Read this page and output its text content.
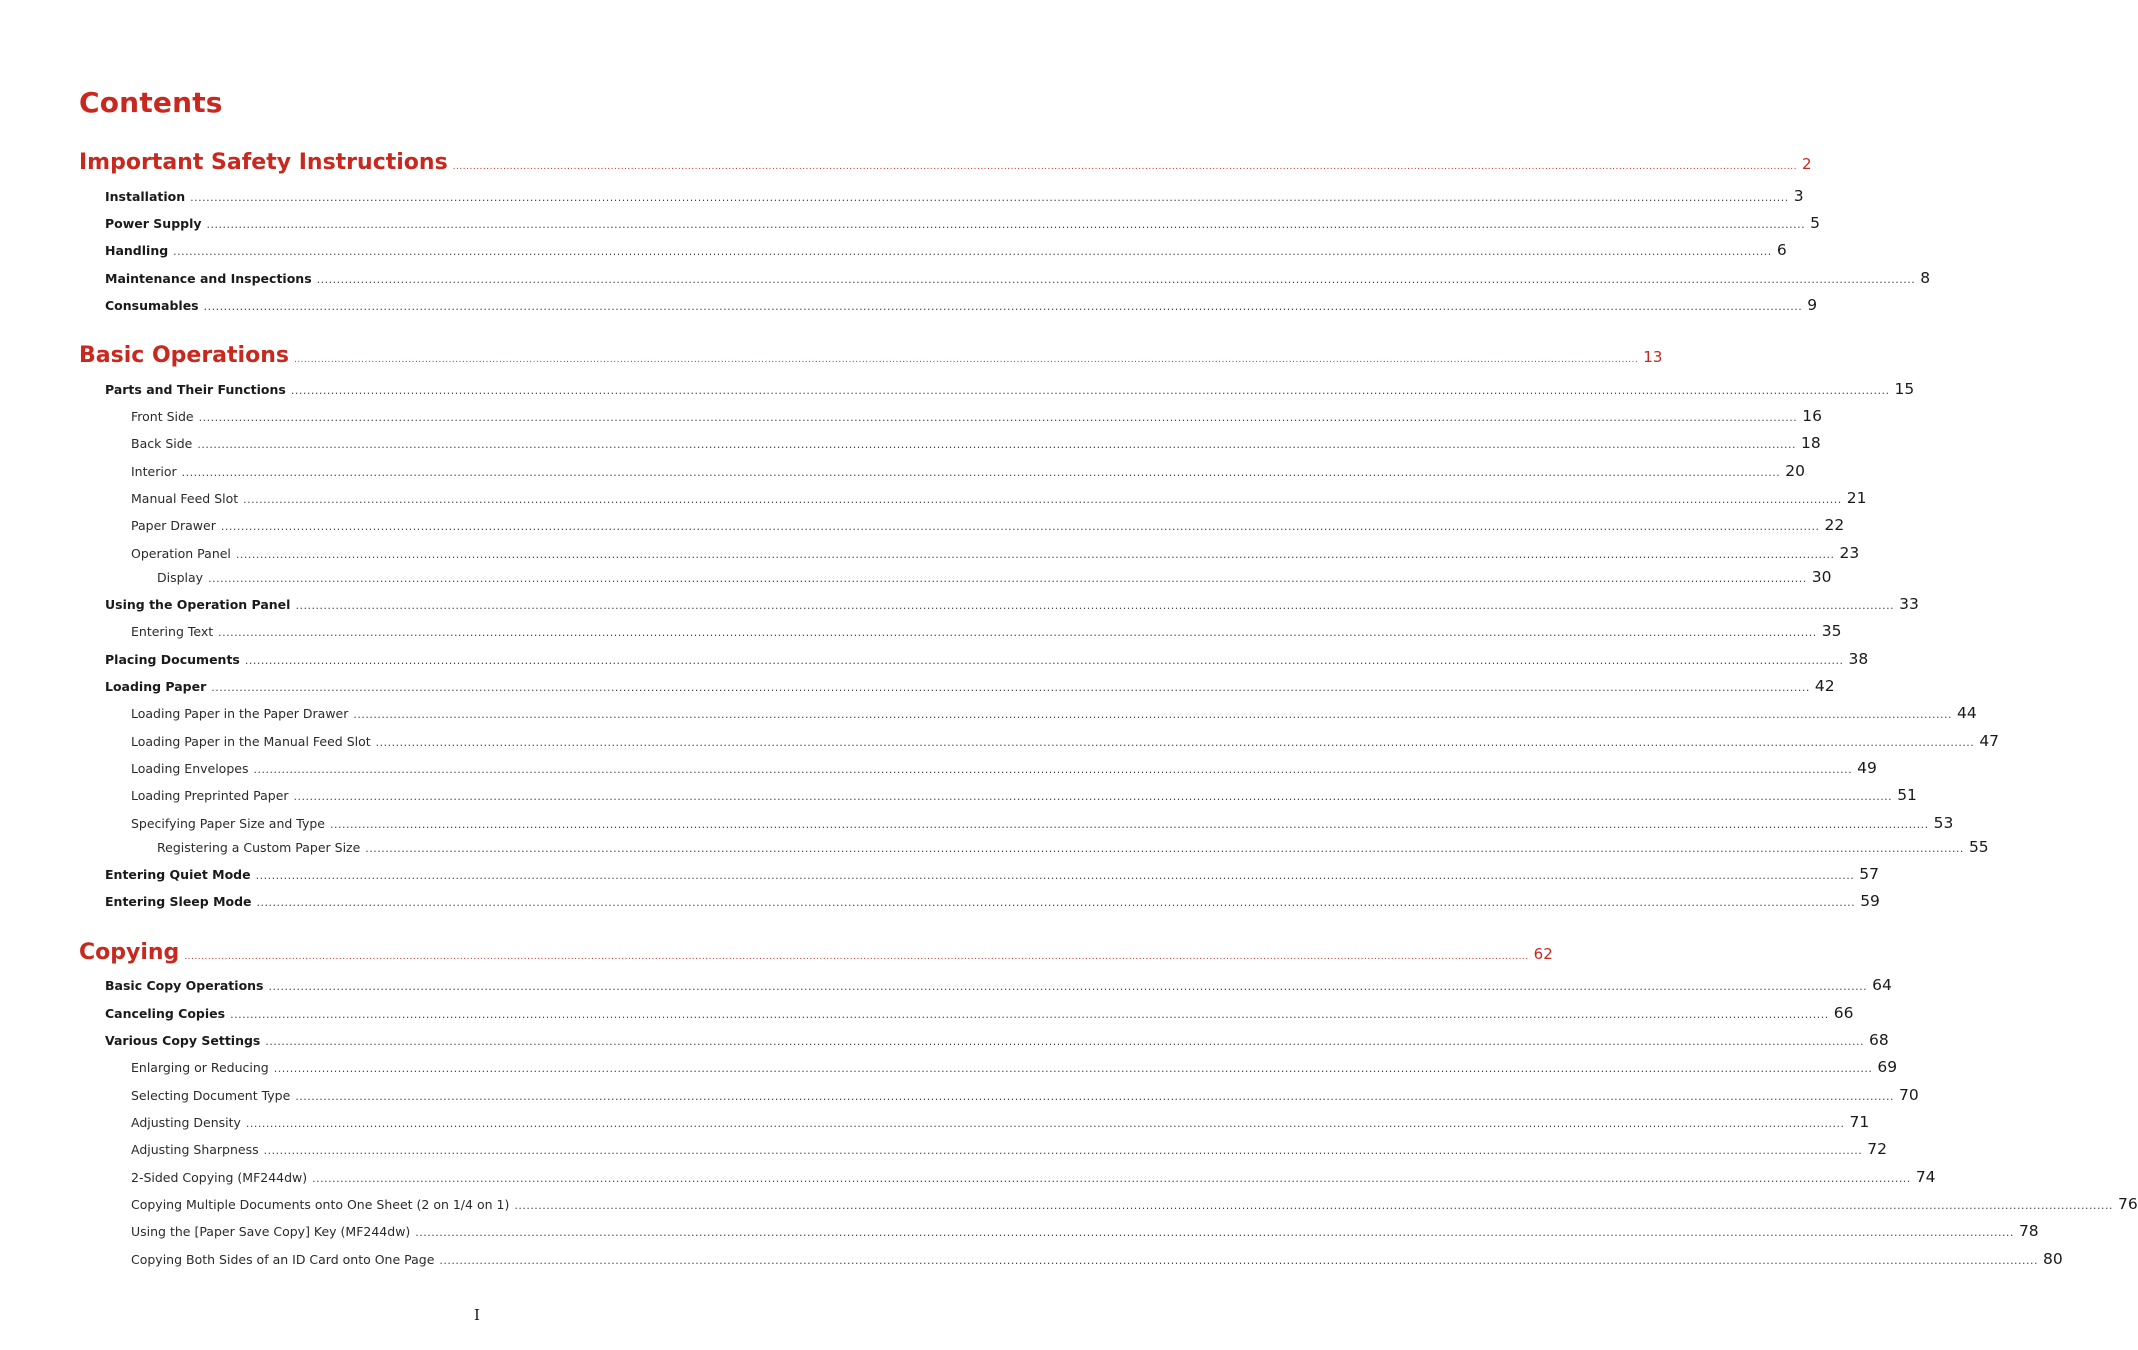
Contents
Important Safety Instructions ................................................................................................................................................................................................................................................................................................................................................................................................................ 2
Installation ................................................................................................................................................................................................................................................................................................................................................................................................................ 3
Power Supply ................................................................................................................................................................................................................................................................................................................................................................................................................ 5
Handling ................................................................................................................................................................................................................................................................................................................................................................................................................ 6
Maintenance and Inspections ................................................................................................................................................................................................................................................................................................................................................................................................................ 8
Consumables ................................................................................................................................................................................................................................................................................................................................................................................................................ 9
Basic Operations ................................................................................................................................................................................................................................................................................................................................................................................................................ 13
Parts and Their Functions ................................................................................................................................................................................................................................................................................................................................................................................................................ 15
Front Side ................................................................................................................................................................................................................................................................................................................................................................................................................ 16
Back Side ................................................................................................................................................................................................................................................................................................................................................................................................................ 18
Interior ................................................................................................................................................................................................................................................................................................................................................................................................................ 20
Manual Feed Slot ................................................................................................................................................................................................................................................................................................................................................................................................................ 21
Paper Drawer ................................................................................................................................................................................................................................................................................................................................................................................................................ 22
Operation Panel ................................................................................................................................................................................................................................................................................................................................................................................................................ 23
Display ................................................................................................................................................................................................................................................................................................................................................................................................................ 30
Using the Operation Panel ................................................................................................................................................................................................................................................................................................................................................................................................................ 33
Entering Text ................................................................................................................................................................................................................................................................................................................................................................................................................ 35
Placing Documents ................................................................................................................................................................................................................................................................................................................................................................................................................ 38
Loading Paper ................................................................................................................................................................................................................................................................................................................................................................................................................ 42
Loading Paper in the Paper Drawer ................................................................................................................................................................................................................................................................................................................................................................................................................ 44
Loading Paper in the Manual Feed Slot ................................................................................................................................................................................................................................................................................................................................................................................................................ 47
Loading Envelopes ................................................................................................................................................................................................................................................................................................................................................................................................................ 49
Loading Preprinted Paper ................................................................................................................................................................................................................................................................................................................................................................................................................ 51
Specifying Paper Size and Type ................................................................................................................................................................................................................................................................................................................................................................................................................ 53
Registering a Custom Paper Size ................................................................................................................................................................................................................................................................................................................................................................................................................ 55
Entering Quiet Mode ................................................................................................................................................................................................................................................................................................................................................................................................................ 57
Entering Sleep Mode ................................................................................................................................................................................................................................................................................................................................................................................................................ 59
Copying ................................................................................................................................................................................................................................................................................................................................................................................................................ 62
Basic Copy Operations ................................................................................................................................................................................................................................................................................................................................................................................................................ 64
Canceling Copies ................................................................................................................................................................................................................................................................................................................................................................................................................ 66
Various Copy Settings ................................................................................................................................................................................................................................................................................................................................................................................................................ 68
Enlarging or Reducing ................................................................................................................................................................................................................................................................................................................................................................................................................ 69
Selecting Document Type ................................................................................................................................................................................................................................................................................................................................................................................................................ 70
Adjusting Density ................................................................................................................................................................................................................................................................................................................................................................................................................ 71
Adjusting Sharpness ................................................................................................................................................................................................................................................................................................................................................................................................................ 72
2-Sided Copying (MF244dw) ................................................................................................................................................................................................................................................................................................................................................................................................................ 74
Copying Multiple Documents onto One Sheet (2 on 1/4 on 1) ................................................................................................................................................................................................................................................................................................................................................................................................................ 76
Using the [Paper Save Copy] Key (MF244dw) ................................................................................................................................................................................................................................................................................................................................................................................................................ 78
Copying Both Sides of an ID Card onto One Page ................................................................................................................................................................................................................................................................................................................................................................................................................ 80
I
